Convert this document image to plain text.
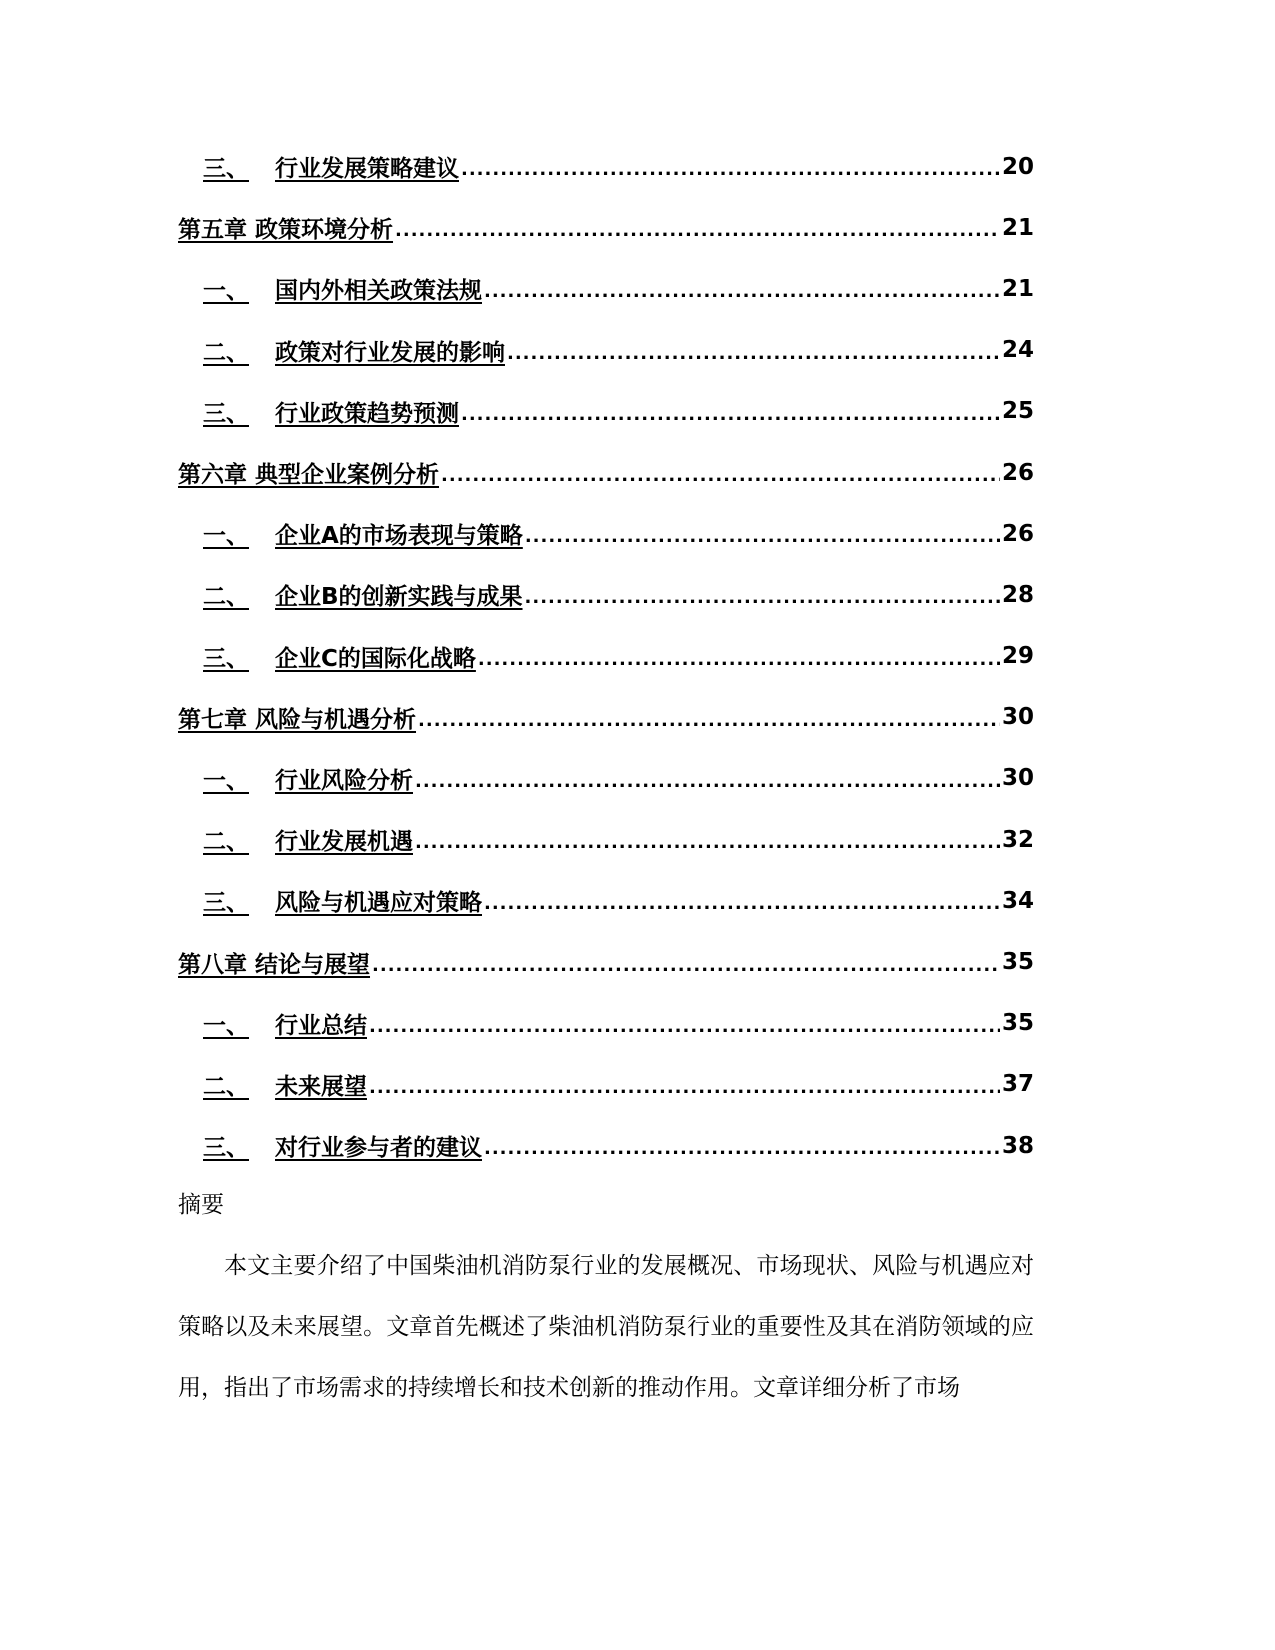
三、 行业发展策略建议 .....	20
第五章 政策环境分析 .....	21
一、 国内外相关政策法规 .....	21
二、 政策对行业发展的影响 .....	24
三、 行业政策趋势预测 .....	25
第六章 典型企业案例分析 .....	26
一、 企业A的市场表现与策略 .....	26
二、 企业B的创新实践与成果 .....	28
三、 企业C的国际化战略 .....	29
第七章 风险与机遇分析 .....	30
一、 行业风险分析 .....	30
二、 行业发展机遇 .....	32
三、 风险与机遇应对策略 .....	34
第八章 结论与展望 .....	35
一、 行业总结 .....	35
二、 未来展望 .....	37
三、 对行业参与者的建议 .....	38
摘要

本文主要介绍了中国柴油机消防泵行业的发展概况、市场现状、风险与机遇应对策略以及未来展望。文章首先概述了柴油机消防泵行业的重要性及其在消防领域的应用，指出了市场需求的持续增长和技术创新的推动作用。文章详细分析了市场
